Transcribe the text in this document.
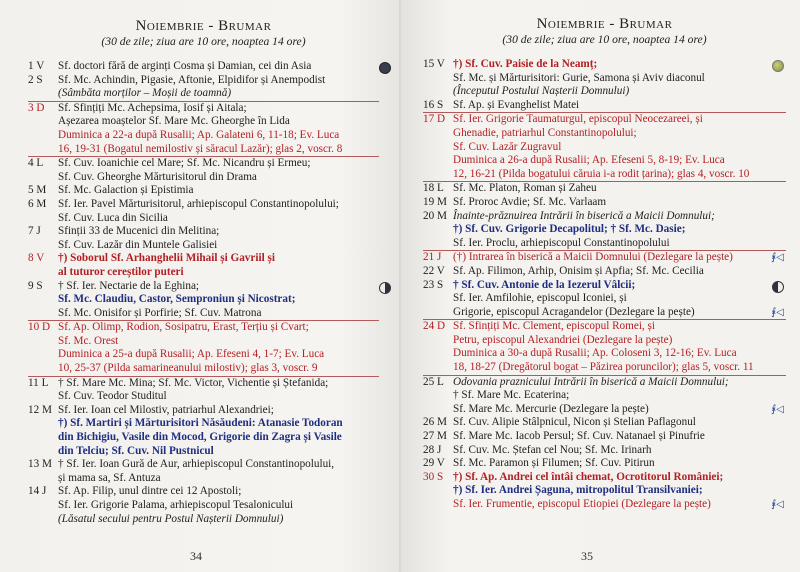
Noiembrie - Brumar
(30 de zile; ziua are 10 ore, noaptea 14 ore)
1 V	Sf. doctori fără de arginți Cosma și Damian, cei din Asia
2 S	Sf. Mc. Achindin, Pigasie, Aftonie, Elpidifor și Anempodist
(Sâmbăta morților – Moșii de toamnă)
3 D	Sf. Sfințiți Mc. Achepsima, Iosif și Aitala;
Așezarea moaștelor Sf. Mare Mc. Gheorghe în Lida
Duminica a 22-a după Rusalii; Ap. Galateni 6, 11-18; Ev. Luca
16, 19-31 (Bogatul nemilostiv și săracul Lazăr); glas 2, voscr. 8
4 L	Sf. Cuv. Ioanichie cel Mare; Sf. Mc. Nicandru și Ermeu;
Sf. Cuv. Gheorghe Mărturisitorul din Drama
5 M	Sf. Mc. Galaction și Epistimia
6 M	Sf. Ier. Pavel Mărturisitorul, arhiepiscopul Constantinopolului;
Sf. Cuv. Luca din Sicilia
7 J	Sfinții 33 de Mucenici din Melitina;
Sf. Cuv. Lazăr din Muntele Galisiei
8 V	†) Soborul Sf. Arhanghelii Mihail și Gavriil și
al tuturor cereștilor puteri
9 S	† Sf. Ier. Nectarie de la Eghina;
Sf. Mc. Claudiu, Castor, Semproniun și Nicostrat;
Sf. Mc. Onisifor și Porfirie; Sf. Cuv. Matrona
10 D Sf. Ap. Olimp, Rodion, Sosipatru, Erast, Terțiu și Cvart;
Sf. Mc. Orest
Duminica a 25-a după Rusalii; Ap. Efeseni 4, 1-7; Ev. Luca
10, 25-37 (Pilda samarineanului milostiv); glas 3, voscr. 9
11 L † Sf. Mare Mc. Mina; Sf. Mc. Victor, Vichentie și Ștefanida;
Sf. Cuv. Teodor Studitul
12 M Sf. Ier. Ioan cel Milostiv, patriarhul Alexandriei;
†) Sf. Martiri și Mărturisitori Năsăudeni: Atanasie Todoran
din Bichigiu, Vasile din Mocod, Grigorie din Zagra și Vasile
din Telciu; Sf. Cuv. Nil Pustnicul
13 M † Sf. Ier. Ioan Gură de Aur, arhiepiscopul Constantinopolului,
și mama sa, Sf. Antuza
14 J	Sf. Ap. Filip, unul dintre cei 12 Apostoli;
Sf. Ier. Grigorie Palama, arhiepiscopul Tesalonicului
(Lăsatul secului pentru Postul Nașterii Domnului)
34
Noiembrie - Brumar
(30 de zile; ziua are 10 ore, noaptea 14 ore)
15 V †) Sf. Cuv. Paisie de la Neamț;
Sf. Mc. și Mărturisitori: Gurie, Samona și Aviv diaconul
(Începutul Postului Nașterii Domnului)
16 S Sf. Ap. și Evanghelist Matei
17 D Sf. Ier. Grigorie Taumaturgul, episcopul Neocezareei, și
Ghenadie, patriarhul Constantinopolului;
Sf. Cuv. Lazăr Zugravul
Duminica a 26-a după Rusalii; Ap. Efeseni 5, 8-19; Ev. Luca
12, 16-21 (Pilda bogatului căruia i-a rodit țarina); glas 4, voscr. 10
18 L Sf. Mc. Platon, Roman și Zaheu
19 M Sf. Proroc Avdie; Sf. Mc. Varlaam
20 M Înainte-prăznuirea Intrării în biserică a Maicii Domnului;
†) Sf. Cuv. Grigorie Decapolitul; † Sf. Mc. Dasie;
Sf. Ier. Proclu, arhiepiscopul Constantinopolului
21 J	(†) Intrarea în biserică a Maicii Domnului (Dezlegare la pește)	⨘◁
22 V Sf. Ap. Filimon, Arhip, Onisim și Apfia; Sf. Mc. Cecilia
23 S † Sf. Cuv. Antonie de la Iezerul Vâlcii;
Sf. Ier. Amfilohie, episcopul Iconiei, și
Grigorie, episcopul Acragandelor (Dezlegare la pește)	⨘◁
24 D Sf. Sfințiți Mc. Clement, episcopul Romei, și
Petru, episcopul Alexandriei (Dezlegare la pește)
Duminica a 30-a după Rusalii; Ap. Coloseni 3, 12-16; Ev. Luca
18, 18-27 (Dregătorul bogat – Păzirea poruncilor); glas 5, voscr. 11
25 L Odovania praznicului Intrării în biserică a Maicii Domnului;
† Sf. Mare Mc. Ecaterina;
Sf. Mare Mc. Mercurie (Dezlegare la pește)	⨘◁
26 M Sf. Cuv. Alipie Stâlpnicul, Nicon și Stelian Paflagonul
27 M Sf. Mare Mc. Iacob Persul; Sf. Cuv. Natanael și Pinufrie
28 J	Sf. Cuv. Mc. Ștefan cel Nou; Sf. Mc. Irinarh
29 V Sf. Mc. Paramon și Filumen; Sf. Cuv. Pitirun
30 S †) Sf. Ap. Andrei cel întâi chemat, Ocrotitorul României;
†) Sf. Ier. Andrei Șaguna, mitropolitul Transilvaniei;
Sf. Ier. Frumentie, episcopul Etiopiei (Dezlegare la pește)	⨘◁
35
